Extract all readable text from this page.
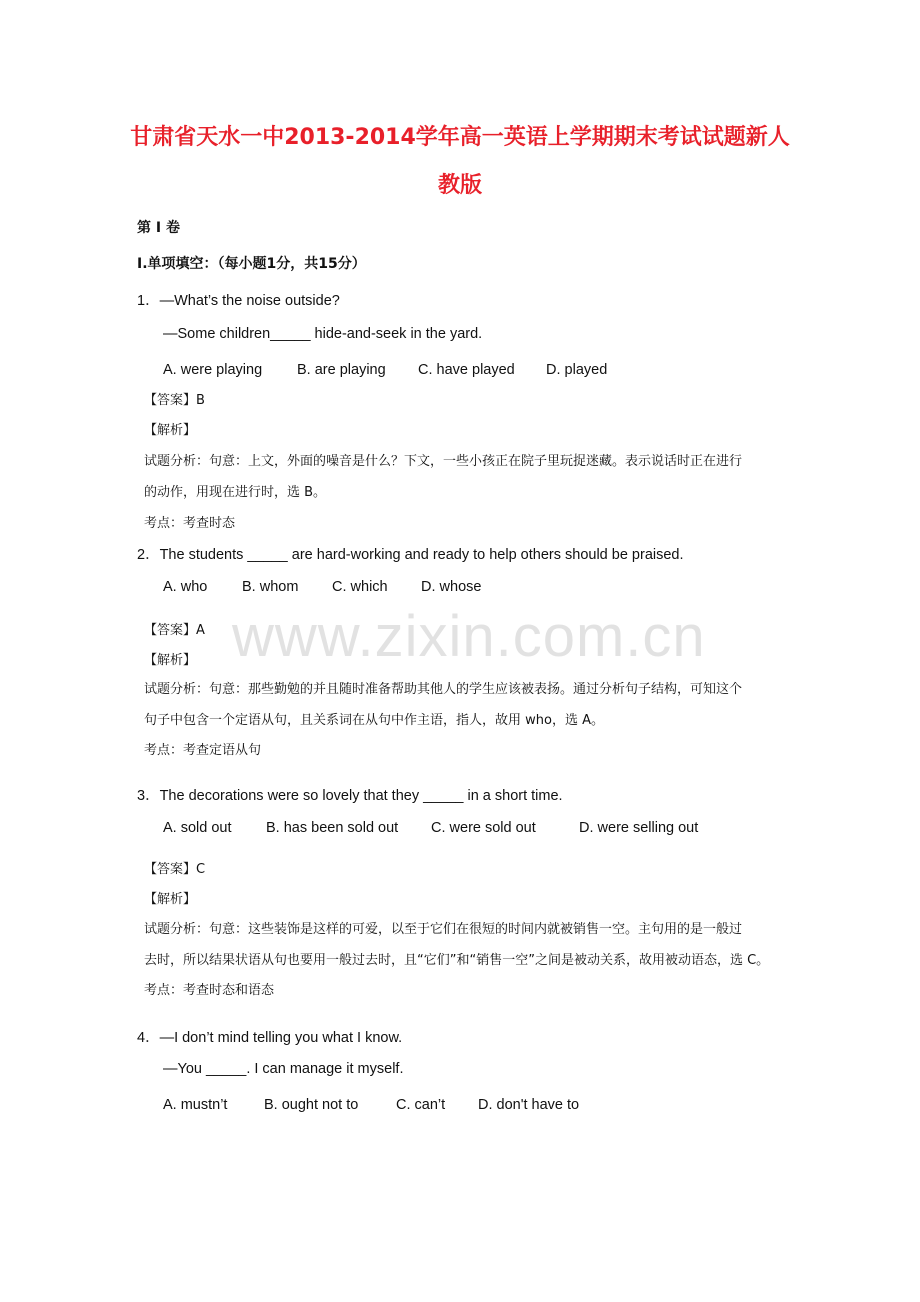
www.zixin.com.cn
甘肃省天水一中2013-2014学年高一英语上学期期末考试试题新人
教版
第 I 卷
I.单项填空：（每小题1分，共15分）
1．—What’s the noise outside?
—Some children_____ hide-and-seek in the yard.
A. were playing B. are playing C. have played D. played
【答案】B
【解析】
试题分析：句意：上文，外面的噪音是什么？下文，一些小孩正在院子里玩捉迷藏。表示说话时正在进行
的动作，用现在进行时，选 B。
考点：考查时态
2．The students _____ are hard-working and ready to help others should be praised.
A. who B. whom C. which D. whose
【答案】A
【解析】
试题分析：句意：那些勤勉的并且随时准备帮助其他人的学生应该被表扬。通过分析句子结构，可知这个
句子中包含一个定语从句，且关系词在从句中作主语，指人，故用 who，选 A。
考点：考查定语从句
3．The decorations were so lovely that they _____ in a short time.
A. sold out B. has been sold out C. were sold out	D. were selling out
【答案】C
【解析】
试题分析：句意：这些装饰是这样的可爱，以至于它们在很短的时间内就被销售一空。主句用的是一般过
去时，所以结果状语从句也要用一般过去时，且“它们”和“销售一空”之间是被动关系，故用被动语态，选 C。
考点：考查时态和语态
4．—I don’t mind telling you what I know.
—You _____. I can manage it myself.
A. mustn’t	B. ought not to	C. can’t D. don't have to
